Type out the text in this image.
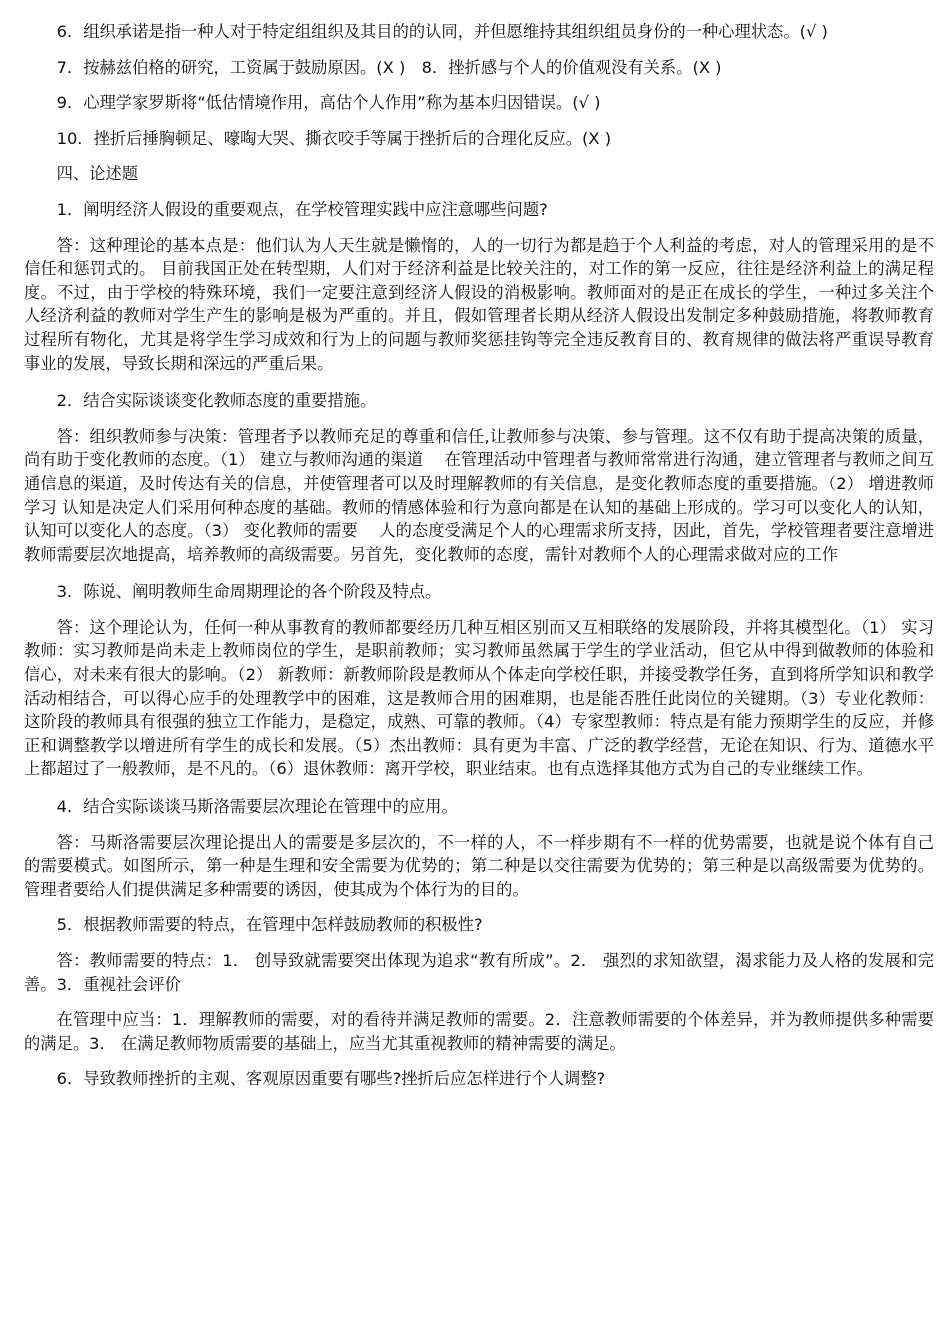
6．组织承诺是指一种人对于特定组组织及其目的的认同，并但愿维持其组织组员身份的一种心理状态。(√ )

7．按赫兹伯格的研究，工资属于鼓励原因。(X )　8．挫折感与个人的价值观没有关系。(X )

9．心理学家罗斯将“低估情境作用，高估个人作用”称为基本归因错误。(√ )

10．挫折后捶胸顿足、嚎啕大哭、撕衣咬手等属于挫折后的合理化反应。(X )

四、论述题

1．阐明经济人假设的重要观点，在学校管理实践中应注意哪些问题?

答：这种理论的基本点是：他们认为人天生就是懒惰的，人的一切行为都是趋于个人利益的考虑，对人的管理采用的是不信任和惩罚式的。 目前我国正处在转型期，人们对于经济利益是比较关注的，对工作的第一反应，往往是经济利益上的满足程度。不过，由于学校的特殊环境，我们一定要注意到经济人假设的消极影响。教师面对的是正在成长的学生，一种过多关注个人经济利益的教师对学生产生的影响是极为严重的。并且，假如管理者长期从经济人假设出发制定多种鼓励措施，将教师教育过程所有物化，尤其是将学生学习成效和行为上的问题与教师奖惩挂钩等完全违反教育目的、教育规律的做法将严重误导教育事业的发展，导致长期和深远的严重后果。

2．结合实际谈谈变化教师态度的重要措施。

答：组织教师参与决策：管理者予以教师充足的尊重和信任,让教师参与决策、参与管理。这不仅有助于提高决策的质量，尚有助于变化教师的态度。（1） 建立与教师沟通的渠道　 在管理活动中管理者与教师常常进行沟通，建立管理者与教师之间互通信息的渠道，及时传达有关的信息，并使管理者可以及时理解教师的有关信息，是变化教师态度的重要措施。（2） 增进教师学习 认知是决定人们采用何种态度的基础。教师的情感体验和行为意向都是在认知的基础上形成的。学习可以变化人的认知，认知可以变化人的态度。（3） 变化教师的需要　 人的态度受满足个人的心理需求所支持，因此，首先，学校管理者要注意增进教师需要层次地提高，培养教师的高级需要。另首先，变化教师的态度，需针对教师个人的心理需求做对应的工作

3．陈说、阐明教师生命周期理论的各个阶段及特点。

答：这个理论认为，任何一种从事教育的教师都要经历几种互相区别而又互相联络的发展阶段，并将其模型化。（1） 实习教师：实习教师是尚未走上教师岗位的学生，是职前教师；实习教师虽然属于学生的学业活动，但它从中得到做教师的体验和信心，对未来有很大的影响。（2） 新教师：新教师阶段是教师从个体走向学校任职，并接受教学任务，直到将所学知识和教学活动相结合，可以得心应手的处理教学中的困难，这是教师合用的困难期，也是能否胜任此岗位的关键期。（3）专业化教师：这阶段的教师具有很强的独立工作能力，是稳定，成熟、可靠的教师。（4）专家型教师：特点是有能力预期学生的反应，并修正和调整教学以增进所有学生的成长和发展。（5）杰出教师：具有更为丰富、广泛的教学经营，无论在知识、行为、道德水平上都超过了一般教师，是不凡的。（6）退休教师：离开学校，职业结束。也有点选择其他方式为自己的专业继续工作。

4．结合实际谈谈马斯洛需要层次理论在管理中的应用。

答：马斯洛需要层次理论提出人的需要是多层次的，不一样的人，不一样步期有不一样的优势需要，也就是说个体有自己的需要模式。如图所示，第一种是生理和安全需要为优势的；第二种是以交往需要为优势的；第三种是以高级需要为优势的。管理者要给人们提供满足多种需要的诱因，使其成为个体行为的目的。

5．根据教师需要的特点，在管理中怎样鼓励教师的积极性?

答：教师需要的特点：1． 创导致就需要突出体现为追求“教有所成”。2． 强烈的求知欲望，渴求能力及人格的发展和完善。3．重视社会评价

在管理中应当：1．理解教师的需要，对的看待并满足教师的需要。2．注意教师需要的个体差异，并为教师提供多种需要的满足。3． 在满足教师物质需要的基础上，应当尤其重视教师的精神需要的满足。

6．导致教师挫折的主观、客观原因重要有哪些?挫折后应怎样进行个人调整?
